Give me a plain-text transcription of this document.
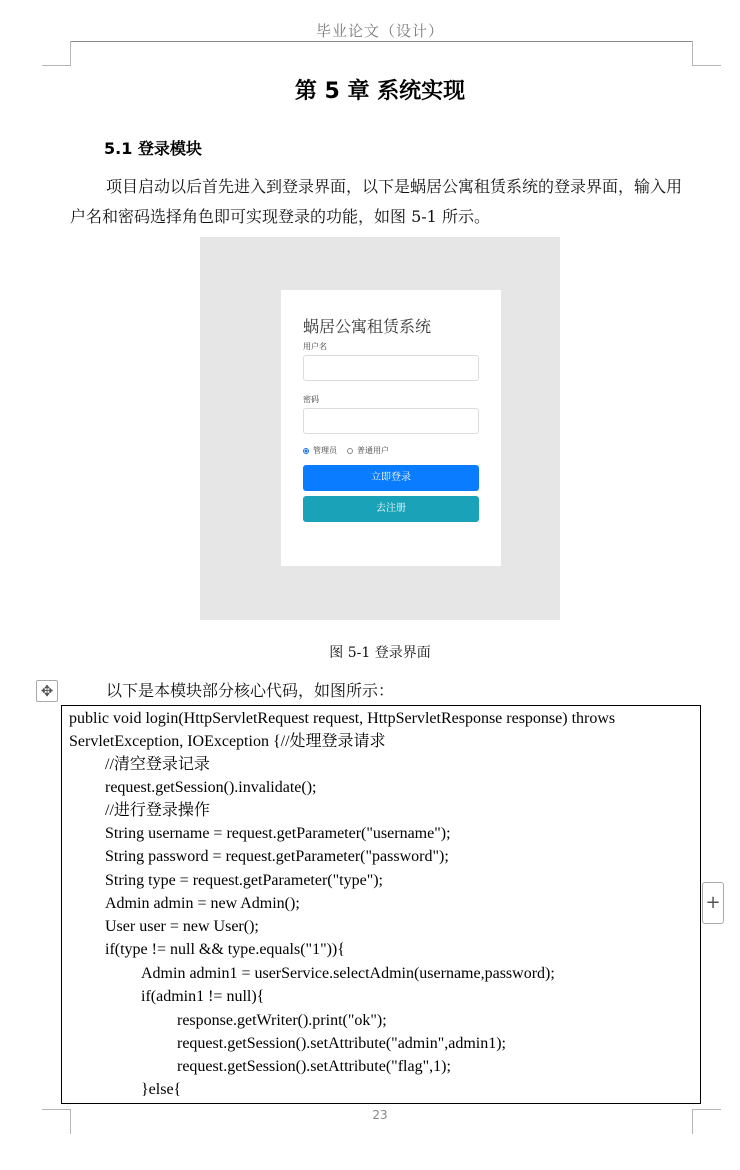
毕业论文（设计）
第 5 章 系统实现
5.1 登录模块
项目启动以后首先进入到登录界面，以下是蜗居公寓租赁系统的登录界面，输入用户名和密码选择角色即可实现登录的功能，如图 5-1 所示。
蜗居公寓租赁系统
用户名
密码
管理员	普通用户
立即登录
去注册
图 5-1 登录界面
✥	以下是本模块部分核心代码，如图所示：
public void login(HttpServletRequest request, HttpServletResponse response) throws
ServletException, IOException {//处理登录请求
//清空登录记录
request.getSession().invalidate();
//进行登录操作
String username = request.getParameter("username");
String password = request.getParameter("password");
String type = request.getParameter("type");
Admin admin = new Admin();
User user = new User();
if(type != null && type.equals("1")){
Admin admin1 = userService.selectAdmin(username,password);
if(admin1 != null){
response.getWriter().print("ok");
request.getSession().setAttribute("admin",admin1);
request.getSession().setAttribute("flag",1);
}else{
+
23
